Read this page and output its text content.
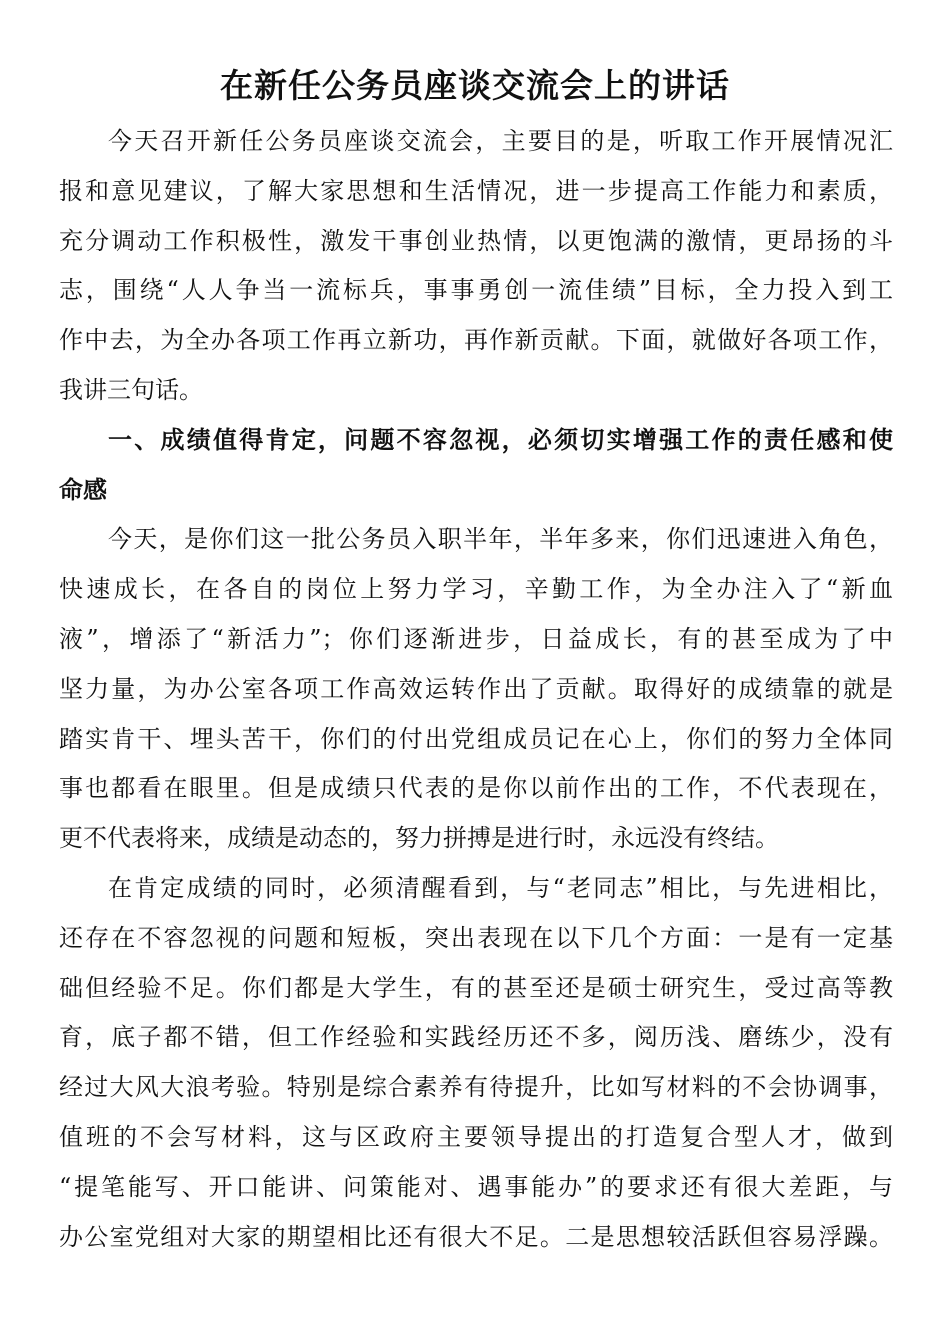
在新任公务员座谈交流会上的讲话
今天召开新任公务员座谈交流会，主要目的是，听取工作开展情况汇
报和意见建议，了解大家思想和生活情况，进一步提高工作能力和素质，
充分调动工作积极性，激发干事创业热情，以更饱满的激情，更昂扬的斗
志，围绕“人人争当一流标兵，事事勇创一流佳绩”目标，全力投入到工
作中去，为全办各项工作再立新功，再作新贡献。下面，就做好各项工作，
我讲三句话。
一、成绩值得肯定，问题不容忽视，必须切实增强工作的责任感和使
命感
今天，是你们这一批公务员入职半年，半年多来，你们迅速进入角色，
快速成长，在各自的岗位上努力学习，辛勤工作，为全办注入了“新血
液”，增添了“新活力”；你们逐渐进步，日益成长，有的甚至成为了中
坚力量，为办公室各项工作高效运转作出了贡献。取得好的成绩靠的就是
踏实肯干、埋头苦干，你们的付出党组成员记在心上，你们的努力全体同
事也都看在眼里。但是成绩只代表的是你以前作出的工作，不代表现在，
更不代表将来，成绩是动态的，努力拼搏是进行时，永远没有终结。
在肯定成绩的同时，必须清醒看到，与“老同志”相比，与先进相比，
还存在不容忽视的问题和短板，突出表现在以下几个方面：一是有一定基
础但经验不足。你们都是大学生，有的甚至还是硕士研究生，受过高等教
育，底子都不错，但工作经验和实践经历还不多，阅历浅、磨练少，没有
经过大风大浪考验。特别是综合素养有待提升，比如写材料的不会协调事，
值班的不会写材料，这与区政府主要领导提出的打造复合型人才，做到
“提笔能写、开口能讲、问策能对、遇事能办”的要求还有很大差距，与
办公室党组对大家的期望相比还有很大不足。二是思想较活跃但容易浮躁。
